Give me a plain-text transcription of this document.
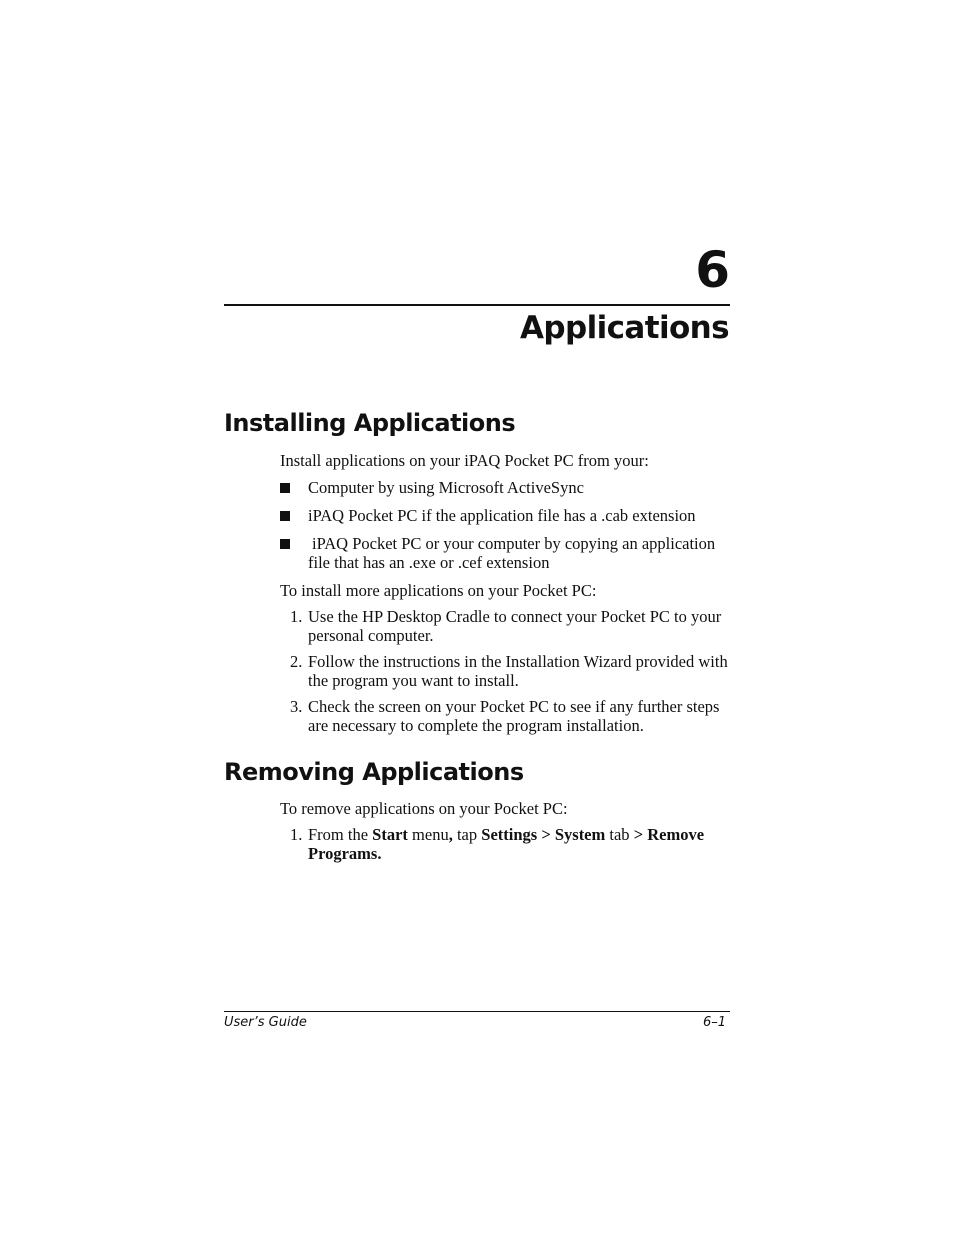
6
Applications
Installing Applications
Install applications on your iPAQ Pocket PC from your:
Computer by using Microsoft ActiveSync
iPAQ Pocket PC if the application file has a .cab extension
iPAQ Pocket PC or your computer by copying an application file that has an .exe or .cef extension
To install more applications on your Pocket PC:
1. Use the HP Desktop Cradle to connect your Pocket PC to your personal computer.
2. Follow the instructions in the Installation Wizard provided with the program you want to install.
3. Check the screen on your Pocket PC to see if any further steps are necessary to complete the program installation.
Removing Applications
To remove applications on your Pocket PC:
1. From the Start menu, tap Settings > System tab > Remove
Programs.
User’s Guide	6–1
